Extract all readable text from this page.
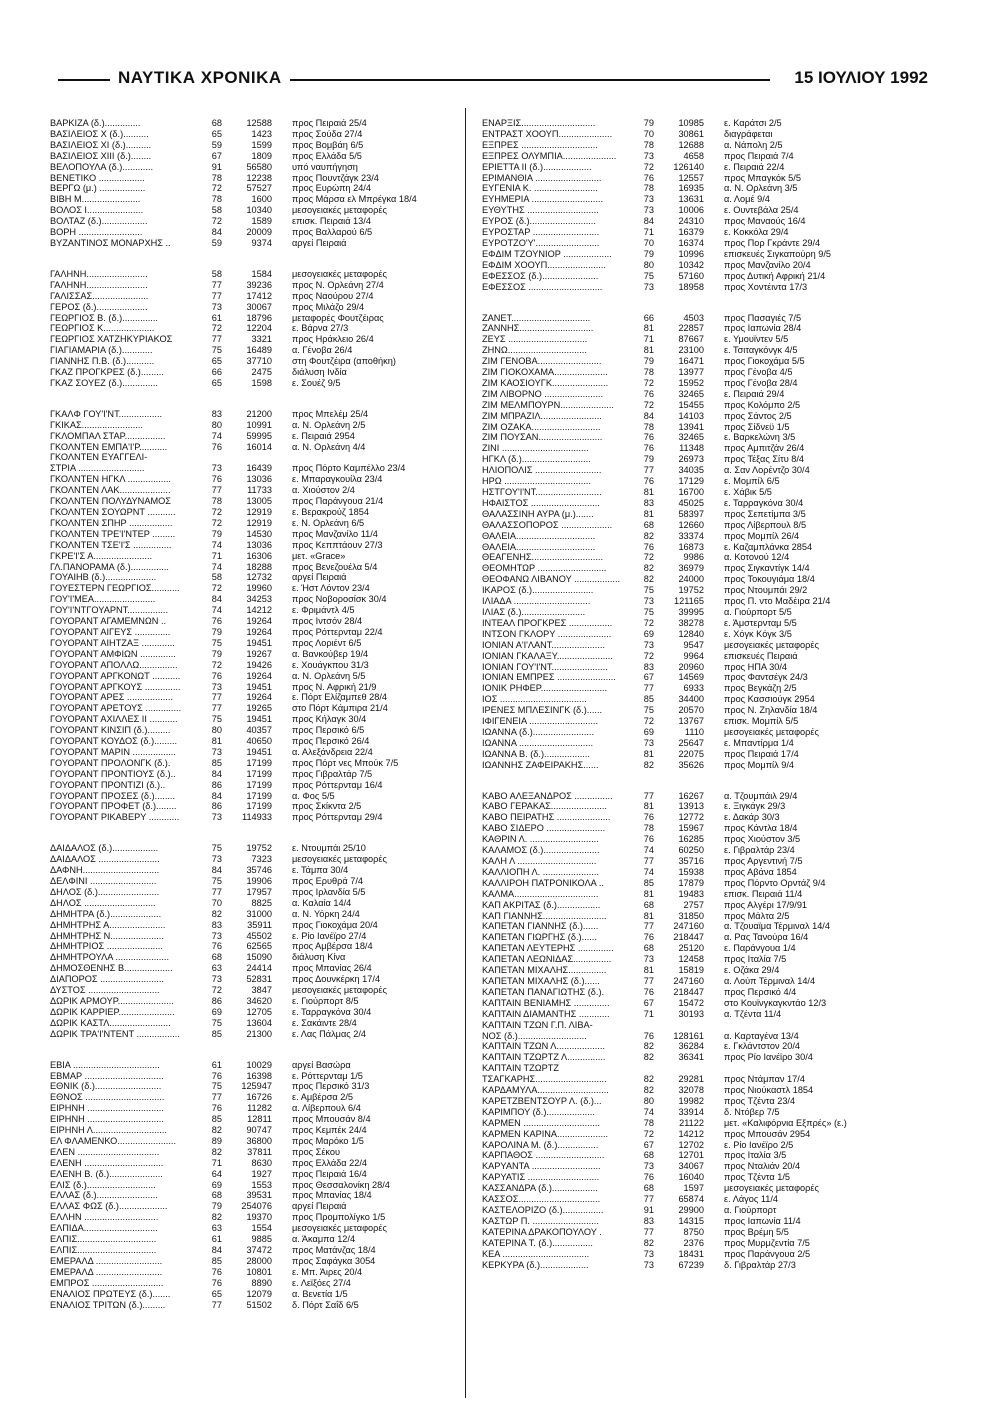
ΝΑΥΤΙΚΑ ΧΡΟΝΙΚΑ	15 ΙΟΥΛΙΟΥ 1992
ΒΑΡΚΙΖΑ (δ.)..............	68	12588	προς Πειραιά 25/4
ΒΑΣΙΛΕΙΟΣ Χ (δ.)..........	65	1423	προς Σούδα 27/4
ΒΑΣΙΛΕΙΟΣ ΧΙ (δ.)..........	59	1599	προς Βομβάη 6/5
ΒΑΣΙΛΕΙΟΣ ΧΙΙΙ (δ.)........	67	1809	προς Ελλάδα 5/5
ΒΕΛΟΠΟΥΛΑ (δ.)............	91	56580	υπό ναυπήγηση
ΒΕΝΕΤΙΚΟ ..................	78	12238	προς Πουντζάγκ 23/4
ΒΕΡΓΩ (μ.) ..................	72	57527	προς Ευρώπη 24/4
ΒΙΒΗ Μ.......................	78	1600	προς Μάρσα ελ Μπρέγκα 18/4
ΒΟΛΟΣ Ι......................	58	10340	μεσογειακές μεταφορές
ΒΟΛΤΑΖ (δ.)..................	72	1589	επισκ. Πειραιά 13/4
ΒΟΡΗ .........................	84	20009	προς Βαλλαρού 6/5
ΒΥΖΑΝΤΙΝΟΣ ΜΟΝΑΡΧΗΣ ..	59	9374	αργεί Πειραιά
ΓΑΛΗΝΗ........................	58	1584	μεσογειακές μεταφορές
ΓΑΛΗΝΗ........................	77	39236	προς Ν. Ορλεάνη 27/4
ΓΑΛΙΣΣΑΣ......................	77	17412	προς Ναούρου 27/4
ΓΕΡΟΣ (δ.)....................	73	30067	προς Μιλάζο 29/4
ΓΕΩΡΓΙΟΣ Β. (δ.)..............	61	18796	μεταφορές Φουτζέιρας
ΓΕΩΡΓΙΟΣ Κ....................	72	12204	ε. Βάρνα 27/3
ΓΕΩΡΓΙΟΣ ΧΑΤΖΗΚΥΡΙΑΚΟΣ	77	3321	προς Ηράκλειο 26/4
ΓΙΑΓΙΑΜΑΡΙΑ (δ.)............	75	16489	α. Γένοβα 26/4
ΓΙΑΝΝΗΣ Π.Β. (δ.)...........	65	37710	στη Φουτζέιρα (αποθήκη)
ΓΚΑΖ ΠΡΟΓΚΡΕΣ (δ.).........	66	2475	διάλυση Ινδία
ΓΚΑΖ ΣΟΥΕΖ (δ.)..............	65	1598	ε. Σουέζ 9/5
ΓΚΑΛΦ ΓΟΥ'Ι'ΝΤ.................	83	21200	προς Μπελέμ 25/4
ΓΚΙΚΑΣ........................	80	10991	α. Ν. Ορλεάνη 2/5
ΓΚΛΟΜΠΑΛ ΣΤΑΡ................	74	59995	ε. Πειραιά 2954
ΓΚΟΛΝΤΕΝ ΕΜΠΑ'Ι'Ρ...........	76	16014	α. Ν. Ορλεάνη 4/4
ΓΚΟΛΝΤΕΝ ΕΥΑΓΓΕΛΙ-
ΣΤΡΙΑ ..........................	73	16439	προς Πόρτο Καμπέλλο 23/4
ΓΚΟΛΝΤΕΝ ΗΓΚΛ .................	76	13036	ε. Μπαραγκουίλα 23/4
ΓΚΟΛΝΤΕΝ ΛΑΚ....................	77	11733	α. Χιούστον 2/4
ΓΚΟΛΝΤΕΝ ΠΟΛΥΔΥΝΑΜΟΣ	78	13005	προς Παράνγουα 21/4
ΓΚΟΛΝΤΕΝ ΣΟΥΩΡΝΤ ...........	72	12919	ε. Βερακρούζ 1854
ΓΚΟΛΝΤΕΝ ΣΠΗΡ .................	72	12919	ε. Ν. Ορλεάνη 6/5
ΓΚΟΛΝΤΕΝ ΤΡΕ'Ι'ΝΤΕΡ .........	79	14530	προς Μανζανίλο 11/4
ΓΚΟΛΝΤΕΝ ΤΣΕ'Ι'Σ ...............	74	13036	προς Κεππτάουν 27/3
ΓΚΡΕ'Ι'Σ Α.......................	71	16306	μετ. «Grace»
ΓΛ.ΠΑΝΟΡΑΜΑ (δ.)...............	74	18288	προς Βενεζουέλα 5/4
ΓΟΥΑΙΗΒ (δ.)....................	58	12732	αργεί Πειραιά
ΓΟΥΕΣΤΕΡΝ ΓΕΩΡΓΙΟΣ...........	72	19960	ε. Ήστ Λόντον 23/4
ΓΟΥ'Ι'ΜΕΑ........................	84	34253	προς Νοβοροσίσκ 30/4
ΓΟΥ'Ι'ΝΤΓΟΥΑΡΝΤ................	74	14212	ε. Φριμάντλ 4/5
ΓΟΥΟΡΑΝΤ ΑΓΑΜΕΜΝΩΝ ..	76	19264	προς Ιντσόν 28/4
ΓΟΥΟΡΑΝΤ ΑΙΓΕΥΣ ..............	79	19264	προς Ρόττερνταμ 22/4
ΓΟΥΟΡΑΝΤ ΑΙΗΤΖΑΞ .............	75	19451	προς Λοριέντ 6/5
ΓΟΥΟΡΑΝΤ ΑΜΦΙΩΝ ..............	79	19267	α. Βανκούβερ 19/4
ΓΟΥΟΡΑΝΤ ΑΠΟΛΛΩ...............	72	19426	ε. Χουάγκπου 31/3
ΓΟΥΟΡΑΝΤ ΑΡΓΚΟΝΩΤ ...........	76	19264	α. Ν. Ορλεάνη 5/5
ΓΟΥΟΡΑΝΤ ΑΡΓΚΟΥΣ ..............	73	19451	προς Ν. Αφρική 21/9
ΓΟΥΟΡΑΝΤ ΑΡΕΣ ..................	77	19264	ε. Πόρτ Ελίζαμπεθ 28/4
ΓΟΥΟΡΑΝΤ ΑΡΕΤΟΥΣ ..............	77	19265	στο Πόρτ Κάμπιρα 21/4
ΓΟΥΟΡΑΝΤ ΑΧΙΛΛΕΣ ΙΙ ...........	75	19451	προς Κήλαγκ 30/4
ΓΟΥΟΡΑΝΤ ΚΙΝΣΙΠ (δ.).........	80	40357	προς Περσικό 6/5
ΓΟΥΟΡΑΝΤ ΚΟΥΔΟΣ (δ.).........	81	40650	προς Περσικό 26/4
ΓΟΥΟΡΑΝΤ ΜΑΡΙΝ .................	73	19451	α. Αλεξάνδρεια 22/4
ΓΟΥΟΡΑΝΤ ΠΡΟΛΟΝΓΚ (δ.).	85	17199	προς Πόρτ νες Μπούκ 7/5
ΓΟΥΟΡΑΝΤ ΠΡΟΝΤΙΟΥΣ (δ.)..	84	17199	προς Γιβραλτάρ 7/5
ΓΟΥΟΡΑΝΤ ΠΡΟΝΤΙΖΙ (δ.)..	86	17199	προς Ρόττερνταμ 16/4
ΓΟΥΟΡΑΝΤ ΠΡΟΣΕΣ (δ.)........	84	17199	α. Φος 5/5
ΓΟΥΟΡΑΝΤ ΠΡΟΦΕΤ (δ.)........	86	17199	προς Σκίκντα 2/5
ΓΟΥΟΡΑΝΤ ΡΙΚΑΒΕΡΥ ............	73	114933	προς Ρόττερνταμ 29/4
ΔΑΙΔΑΛΟΣ (δ.)..................	75	19752	ε. Ντουμπάι 25/10
ΔΑΙΔΑΛΟΣ ........................	73	7323	μεσογειακές μεταφορές
ΔΑΦΝΗ..............................	84	35746	ε. Τάμπα 30/4
ΔΕΛΦΙΝΙ ..........................	75	19906	προς Ερυθρά 7/4
ΔΗΛΟΣ (δ.)........................	77	17957	προς Ιρλανδία 5/5
ΔΗΛΟΣ ............................	70	8825	α. Καλαία 14/4
ΔΗΜΗΤΡΑ (δ.)....................	82	31000	α. Ν. Υόρκη 24/4
ΔΗΜΗΤΡΗΣ Α......................	83	35911	προς Γιοκοχάμα 20/4
ΔΗΜΗΤΡΗΣ Ν.....................	73	45502	ε. Ρίο Ιανέϊρο 27/4
ΔΗΜΗΤΡΙΟΣ ......................	76	62565	προς Αμβέρσα 18/4
ΔΗΜΗΤΡΟΥΛΑ .....................	68	15090	διάλυση Κίνα
ΔΗΜΟΣΘΕΝΗΣ Β...................	63	24414	προς Μπανίας 26/4
ΔΙΑΠΟΡΟΣ .........................	73	52831	προς Δουνκέρκη 17/4
ΔΥΣΤΟΣ ............................	72	3847	μεσογειακές μεταφορές
ΔΩΡΙΚ ΑΡΜΟΥΡ......................	86	34620	ε. Γιούρπορτ 8/5
ΔΩΡΙΚ ΚΑΡΡΙΕΡ......................	69	12705	ε. Ταρραγκόνα 30/4
ΔΩΡΙΚ ΚΑΣΤΛ........................	75	13604	ε. Σακάιντε 28/4
ΔΩΡΙΚ ΤΡΑ'Ι'ΝΤΕΝΤ .................	85	21300	ε. Λας Πάλμας 2/4
ΕΒΙΑ ..................................	61	10029	αργεί Βασώρα
ΕΒΜΑΡ ...............................	76	16398	ε. Ρόττερνταμ 1/5
ΕΘΝΙΚ (δ.)..........................	75	125947	προς Περσικό 31/3
ΕΘΝΟΣ ...............................	77	16726	ε. Αμβέρσα 2/5
ΕΙΡΗΝΗ ..............................	76	11282	α. Λίβερπουλ 6/4
ΕΙΡΗΝΗ ..............................	85	12811	προς Μπουσάν 8/4
ΕΙΡΗΝΗ Λ.............................	82	90747	προς Κεμπέκ 24/4
ΕΛ ΦΛΑΜΕΝΚΟ.......................	89	36800	προς Μαρόκο 1/5
ΕΛΕΝ ................................	82	37811	προς Σέκου
ΕΛΕΝΗ ...............................	71	8630	προς Ελλάδα 22/4
ΕΛΕΝΗ Β. (δ.).....................	64	1927	προς Πειραιά 16/4
ΕΛΙΣ (δ.)...........................	69	1553	προς Θεσσαλονίκη 28/4
ΕΛΛΑΣ (δ.)........................	68	39531	προς Μπανίας 18/4
ΕΛΛΑΣ ΦΩΣ (δ.)...................	79	254076	αργεί Πειραιά
ΕΛΛΗΝ .............................	82	19370	προς Προμπολίγκο 1/5
ΕΛΠΙΔΑ.............................	63	1554	μεσογειακές μεταφορές
ΕΛΠΙΣ...............................	61	9885	α. Άκαμπα 12/4
ΕΛΠΙΣ...............................	84	37472	προς Ματάνζας 18/4
ΕΜΕΡΑΛΔ ..........................	85	28000	προς Σαφάγκα 3054
ΕΜΕΡΑΛΔ ..........................	76	10801	ε. Μπ. Άιρες 20/4
ΕΜΠΡΟΣ ............................	76	8890	ε. Λεϊξόες 27/4
ΕΝΑΛΙΟΣ ΠΡΩΤΕΥΣ (δ.).......	65	12079	α. Βενετία 1/5
ΕΝΑΛΙΟΣ ΤΡΙΤΩΝ (δ.).........	77	51502	δ. Πόρτ Σαΐδ 6/5
ΕΝΑΡΞΙΣ.............................	79	10985	ε. Καράτσι 2/5
ΕΝΤΡΑΣΤ ΧΟΟΥΠ.....................	70	30861	διαγράφεται
ΕΞΠΡΕΣ ..............................	78	12688	α. Νάπολη 2/5
ΕΞΠΡΕΣ ΟΛΥΜΠΙΑ.....................	73	4658	προς Πειραιά 7/4
ΕΡΙΕΤΤΑ ΙΙ (δ.)...................	72	126140	ε. Πειραιά 22/4
ΕΡΙΜΑΝΘΙΑ ..........................	76	12557	προς Μπαγκόκ 5/5
ΕΥΓΕΝΙΑ Κ. .........................	78	16935	α. Ν. Ορλεάνη 3/5
ΕΥΗΜΕΡΙΑ ............................	73	13631	α. Λομέ 9/4
ΕΥΘΥΤΗΣ ............................	73	10006	ε. Ουντεβάλα 25/4
ΕΥΡΟΣ (δ.)..........................	84	24310	προς Μαναούς 16/4
ΕΥΡΟΣΤΑΡ ..........................	71	16379	ε. Κοκκόλα 29/4
ΕΥΡΟΤΖΟ'Υ'.........................	70	16374	προς Πορ Γκράντε 29/4
ΕΦΔΙΜ ΤΖΟΥΝΙΟΡ ...................	79	10996	επισκευές Σιγκαπούρη 9/5
ΕΦΔΙΜ ΧΟΟΥΠ.......................	80	10342	προς Μανζανίλο 20/4
ΕΦΕΣΣΟΣ (δ.)......................	75	57160	προς Δυτική Αφρική 21/4
ΕΦΕΣΣΟΣ .............................	73	18958	προς Χοντέιντα 17/3
ΖΑΝΕΤ...............................	66	4503	προς Πασαγιές 7/5
ΖΑΝΝΗΣ.............................	81	22857	προς Ιαπωνία 28/4
ΖΕΥΣ ...............................	71	87667	ε. Υμουϊντεν 5/5
ΖΗΝΩ...............................	81	23100	ε. Τσιταγκόνγκ 4/5
ΖΙΜ ΓΕΝΟΒΑ.........................	79	16471	προς Γιοκοχάμα 5/5
ΖΙΜ ΓΙΟΚΟΧΑΜΑ.....................	78	13977	προς Γένοβα 4/5
ΖΙΜ ΚΑΟΣΙΟΥΓΚ......................	72	15952	προς Γένοβα 28/4
ΖΙΜ ΛΙΒΟΡΝΟ .......................	76	32465	ε. Πειραιά 29/4
ΖΙΜ ΜΕΛΜΠΟΥΡΝ.....................	72	15455	προς Κολόμπο 2/5
ΖΙΜ ΜΠΡΑΖΙΛ........................	84	14103	προς Σάντος 2/5
ΖΙΜ ΟΖΑΚΑ...........................	78	13941	προς Σίδνεϋ 1/5
ΖΙΜ ΠΟΥΣΑΝ.........................	76	32465	ε. Βαρκελώνη 3/5
ΖΙΝΙ ..................................	76	11348	προς Αμπιτζάν 26/4
ΗΓΚΛ (δ.)...........................	79	26973	προς Τέξας Σίτυ 8/4
ΗΛΙΟΠΟΛΙΣ ..........................	77	34035	α. Σαν Λορέντζο 30/4
ΗΡΩ ..................................	76	17129	ε. Μομπίλ 6/5
ΗΣΤΓΟΥ'Ι'ΝΤ..........................	81	16700	ε. Χάβικ 5/5
ΗΦΑΙΣΤΟΣ ...........................	83	45025	ε. Ταρραγκόνα 30/4
ΘΑΛΑΣΣΙΝΗ ΑΥΡΑ (μ.).......	81	58397	προς Σεπετίμπα 3/5
ΘΑΛΑΣΣΟΠΟΡΟΣ ....................	68	12660	προς Λίβερπουλ 8/5
ΘΑΛΕΙΑ...............................	82	33374	προς Μομπίλ 26/4
ΘΑΛΕΙΑ...............................	76	16873	ε. Καζαμπλάνκα 2854
ΘΕΑΓΕΝΗΣ............................	72	9986	α. Κοτονού 12/4
ΘΕΟΜΗΤΩΡ ...........................	82	36979	προς Σιγκαντίγκ 14/4
ΘΕΟΦΑΝΩ ΛΙΒΑΝΟΥ ..................	82	24000	προς Τοκουγιάμα 18/4
ΙΚΑΡΟΣ (δ.)........................	75	19752	προς Ντουμπάι 29/2
ΙΛΙΑΔΑ ..............................	73	121165	προς Π. ντο Μαδέιρα 21/4
ΙΛΙΑΣ (δ.).........................	75	39995	α. Γιούρπορτ 5/5
ΙΝΤΕΑΛ ΠΡΟΓΚΡΕΣ .................	72	38278	ε. Άμστερνταμ 5/5
ΙΝΤΣΟΝ ΓΚΛΟΡΥ .....................	69	12840	ε. Χόγκ Κόγκ 3/5
ΙΟΝΙΑΝ Α'Ι'ΛΑΝΤ.....................	73	9547	μεσογειακές μεταφορές
ΙΟΝΙΑΝ ΓΚΑΛΑΞΥ......................	72	9964	επισκευές Πειραιά
ΙΟΝΙΑΝ ΓΟΥ'Ι'ΝΤ......................	83	20960	προς ΗΠΑ 30/4
ΙΟΝΙΑΝ ΕΜΠΡΕΣ .......................	67	14569	προς Φαντσέγκ 24/3
ΙΟΝΙΚ ΡΗΦΕΡ..........................	77	6933	προς Βεγκάζη 2/5
ΙΟΣ ..................................	85	34400	προς Κασσιούγκ 2954
ΙΡΕΝΕΣ ΜΠΛΕΣΙΝΓΚ (δ.)......	75	20570	προς Ν. Ζηλανδία 18/4
ΙΦΙΓΕΝΕΙΑ ...........................	72	13767	επισκ. Μομπίλ 5/5
ΙΩΑΝΝΑ (δ.)........................	69	1110	μεσογειακές μεταφορές
ΙΩΑΝΝΑ .............................	73	25647	ε. Μπαντίρμα 1/4
ΙΩΑΝΝΑ Β. (δ.)..................	81	22075	προς Πειραιά 17/4
ΙΩΑΝΝΗΣ ΖΑΦΕΙΡΑΚΗΣ......	82	35626	προς Μομπίλ 9/4
ΚΑΒΟ ΑΛΕΞΑΝΔΡΟΣ ...............	77	16267	α. Τζουμπάιλ 29/4
ΚΑΒΟ ΓΕΡΑΚΑΣ......................	81	13913	ε. Ξιγκάγκ 29/3
ΚΑΒΟ ΠΕΙΡΑΤΗΣ .....................	76	12772	ε. Δακάρ 30/3
ΚΑΒΟ ΣΙΔΕΡΟ .......................	78	15967	προς Κάντλα 18/4
ΚΑΘΡΙΝ Λ. ...........................	76	16285	προς Χιούστον 3/5
ΚΑΛΑΜΟΣ (δ.)......................	74	60250	ε. Γιβραλτάρ 23/4
ΚΑΛΗ Λ ...............................	77	35716	προς Αργεντινή 7/5
ΚΑΛΛΙΟΠΗ Λ. ......................	74	15938	προς Αβάνα 1854
ΚΑΛΛΙΡΟΗ ΠΑΤΡΟΝΙΚΟΛΑ ..	85	17879	προς Πόρντο Ορντάζ 9/4
ΚΑΛΜΑ.................................	81	19483	επισκ. Πειραιά 11/4
ΚΑΠ ΑΚΡΙΤΑΣ (δ.).................	68	2757	προς Αλγέρι 17/9/91
ΚΑΠ ΓΙΑΝΝΗΣ.........................	81	31850	προς Μάλτα 2/5
ΚΑΠΕΤΑΝ ΓΙΑΝΝΗΣ (δ.)......	77	247160	α. Τζουαϊμα Τέρμιναλ 14/4
ΚΑΠΕΤΑΝ ΓΙΩΡΓΗΣ (δ.)......	76	218447	α. Ρας Τανούρα 16/4
ΚΑΠΕΤΑΝ ΛΕΥΤΕΡΗΣ ..............	68	25120	ε. Παράνγουα 1/4
ΚΑΠΕΤΑΝ ΛΕΩΝΙΔΑΣ...............	73	12458	προς Ιταλία 7/5
ΚΑΠΕΤΑΝ ΜΙΧΑΛΗΣ...............	81	15819	ε. Οζάκα 29/4
ΚΑΠΕΤΑΝ ΜΙΧΑΛΗΣ (δ.)......	77	247160	α. Λούπ Τέρμιναλ 14/4
ΚΑΠΕΤΑΝ ΠΑΝΑΓΙΩΤΗΣ (δ.).	76	218447	προς Περσικό 4/4
ΚΑΠΤΑΙΝ ΒΕΝΙΑΜΗΣ ..............	67	15472	στο Κουϊνγκαγκντάο 12/3
ΚΑΠΤΑΙΝ ΔΙΑΜΑΝΤΗΣ ............	71	30193	α. Τζέντα 11/4
ΚΑΠΤΑΙΝ ΤΖΩΝ Γ.Π. ΛΙΒΑ-
ΝΟΣ (δ.)...........................	76	128161	α. Καρταγένα 13/4
ΚΑΠΤΑΙΝ ΤΖΩΝ Λ...................	82	36284	ε. Γκλάντστον 20/4
ΚΑΠΤΑΙΝ ΤΖΩΡΤΖ Λ...............	82	36341	προς Ρίο Ιανέϊρο 30/4
ΚΑΠΤΑΙΝ ΤΖΩΡΤΖ
ΤΣΑΓΚΑΡΗΣ............................	82	29281	προς Ντάμπαν 17/4
ΚΑΡΔΑΜΥΛΑ............................	82	32078	προς Νιούκαστλ 1854
ΚΑΡΕΤΖΒΕΝΤΣΟΥΡ Λ. (δ.)...	80	19982	προς Τζέντα 23/4
ΚΑΡΙΜΠΟΥ (δ.)...................	74	33914	δ. Ντόβερ 7/5
ΚΑΡΜΕΝ ..............................	78	21122	μετ. «Καλιφόρνια Εξπρές» (ε.)
ΚΑΡΜΕΝ ΚΑΡΙΝΑ....................	72	14212	προς Μπουσάν 2954
ΚΑΡΟΛΙΝΑ Μ. (δ.)................	67	12702	ε. Ρίο Ιανέϊρο 2/5
ΚΑΡΠΑΘΟΣ ...........................	68	12701	προς Ιταλία 3/5
ΚΑΡΥΑΝΤΑ ...........................	73	34067	προς Νταλιάν 20/4
ΚΑΡΥΑΤΙΣ ............................	76	16040	προς Τζέντα 1/5
ΚΑΣΣΑΝΔΡΑ (δ.)..................	68	1597	μεσογειακές μεταφορές
ΚΑΣΣΟΣ................................	77	65874	ε. Λάγος 11/4
ΚΑΣΤΕΛΟΡΙΖΟ (δ.)................	91	29900	α. Γιούρπορτ
ΚΑΣΤΩΡ Π. ..........................	83	14315	προς Ιαπωνία 11/4
ΚΑΤΕΡΙΝΑ ΔΡΑΚΟΠΟΥΛΟΥ .	77	8750	προς Βρέμη 5/5
ΚΑΤΕΡΙΝΑ Τ. (δ.)................	82	2376	προς Μυρμζεντία 7/5
ΚΕΑ ..................................	73	18431	προς Παράνγουα 2/5
ΚΕΡΚΥΡΑ (δ.)...................	73	67239	δ. Γιβραλτάρ 27/3
